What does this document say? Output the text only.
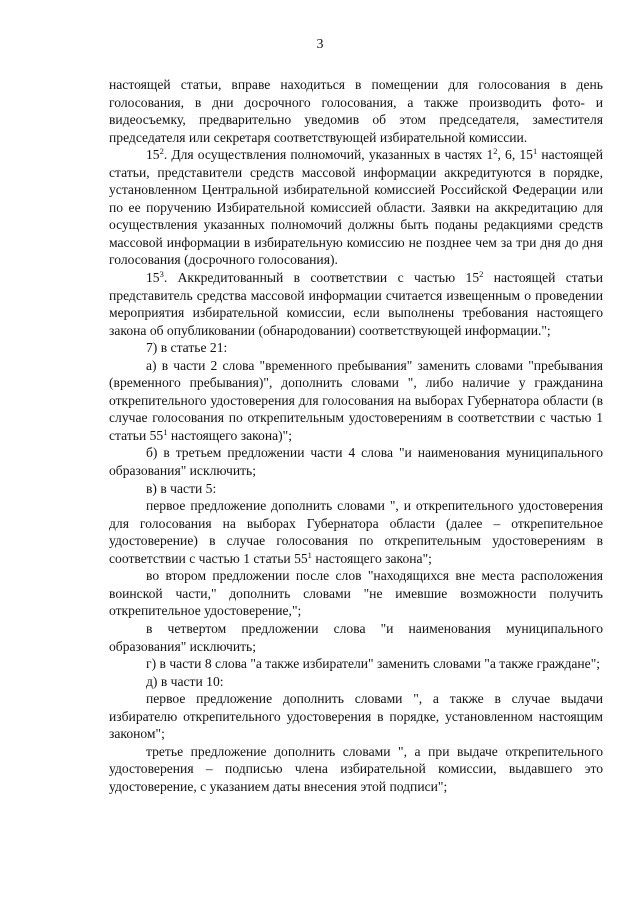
3

настоящей статьи, вправе находиться в помещении для голосования в день голосования, в дни досрочного голосования, а также производить фото- и видеосъемку, предварительно уведомив об этом председателя, заместителя председателя или секретаря соответствующей избирательной комиссии.

$15^2$. Для осуществления полномочий, указанных в частях $1^2$, 6, $15^1$ настоящей статьи, представители средств массовой информации аккредитуются в порядке, установленном Центральной избирательной комиссией Российской Федерации или по ее поручению Избирательной комиссией области. Заявки на аккредитацию для осуществления указанных полномочий должны быть поданы редакциями средств массовой информации в избирательную комиссию не позднее чем за три дня до дня голосования (досрочного голосования).

$15^3$. Аккредитованный в соответствии с частью $15^2$ настоящей статьи представитель средства массовой информации считается извещенным о проведении мероприятия избирательной комиссии, если выполнены требования настоящего закона об опубликовании (обнародовании) соответствующей информации.";

7) в статье 21:

а) в части 2 слова "временного пребывания" заменить словами "пребывания (временного пребывания)", дополнить словами ", либо наличие у гражданина открепительного удостоверения для голосования на выборах Губернатора области (в случае голосования по открепительным удостоверениям в соответствии с частью 1 статьи $55^1$ настоящего закона)";

б) в третьем предложении части 4 слова "и наименования муниципального образования" исключить;

в) в части 5:

первое предложение дополнить словами ", и открепительного удостоверения для голосования на выборах Губернатора области (далее – открепительное удостоверение) в случае голосования по открепительным удостоверениям в соответствии с частью 1 статьи $55^1$ настоящего закона";

во втором предложении после слов "находящихся вне места расположения воинской части," дополнить словами "не имевшие возможности получить открепительное удостоверение,";

в четвертом предложении слова "и наименования муниципального образования" исключить;

г) в части 8 слова "а также избиратели" заменить словами "а также граждане";

д) в части 10:

первое предложение дополнить словами ", а также в случае выдачи избирателю открепительного удостоверения в порядке, установленном настоящим законом";

третье предложение дополнить словами ", а при выдаче открепительного удостоверения – подписью члена избирательной комиссии, выдавшего это удостоверение, с указанием даты внесения этой подписи";
